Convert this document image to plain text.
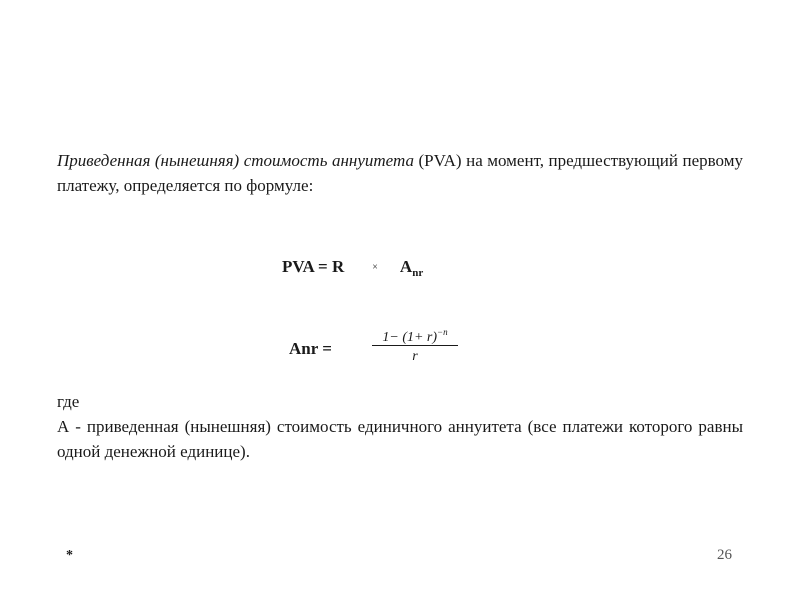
Приведенная (нынешняя) стоимость аннуитета (PVA) на момент, предшествующий первому платежу, определяется по формуле:

PVA = R	× $A_{nr}$
Anr =
$1- (1+ r)^{-n}$
r
где

А - приведенная (нынешняя) стоимость единичного аннуитета (все платежи которого равны одной денежной единице).

*	26
